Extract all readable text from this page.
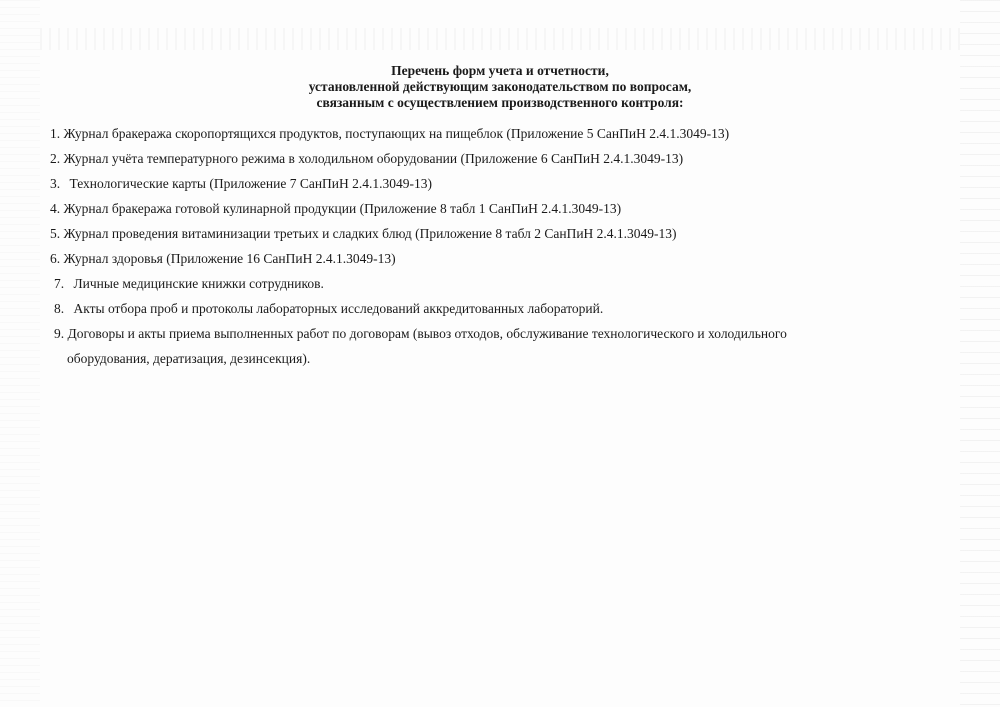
Перечень форм учета и отчетности,
установленной действующим законодательством по вопросам,
связанным с осуществлением производственного контроля:
1. Журнал бракеража скоропортящихся продуктов, поступающих на пищеблок (Приложение 5 СанПиН 2.4.1.3049-13)
2. Журнал учёта температурного режима в холодильном оборудовании (Приложение 6 СанПиН 2.4.1.3049-13)
3. Технологические карты (Приложение 7 СанПиН 2.4.1.3049-13)
4. Журнал бракеража готовой кулинарной продукции (Приложение 8 табл 1 СанПиН 2.4.1.3049-13)
5. Журнал проведения витаминизации третьих и сладких блюд (Приложение 8 табл 2 СанПиН 2.4.1.3049-13)
6. Журнал здоровья (Приложение 16 СанПиН 2.4.1.3049-13)
7. Личные медицинские книжки сотрудников.
8. Акты отбора проб и протоколы лабораторных исследований аккредитованных лабораторий.
9. Договоры и акты приема выполненных работ по договорам (вывоз отходов, обслуживание технологического и холодильного
оборудования, дератизация, дезинсекция).
